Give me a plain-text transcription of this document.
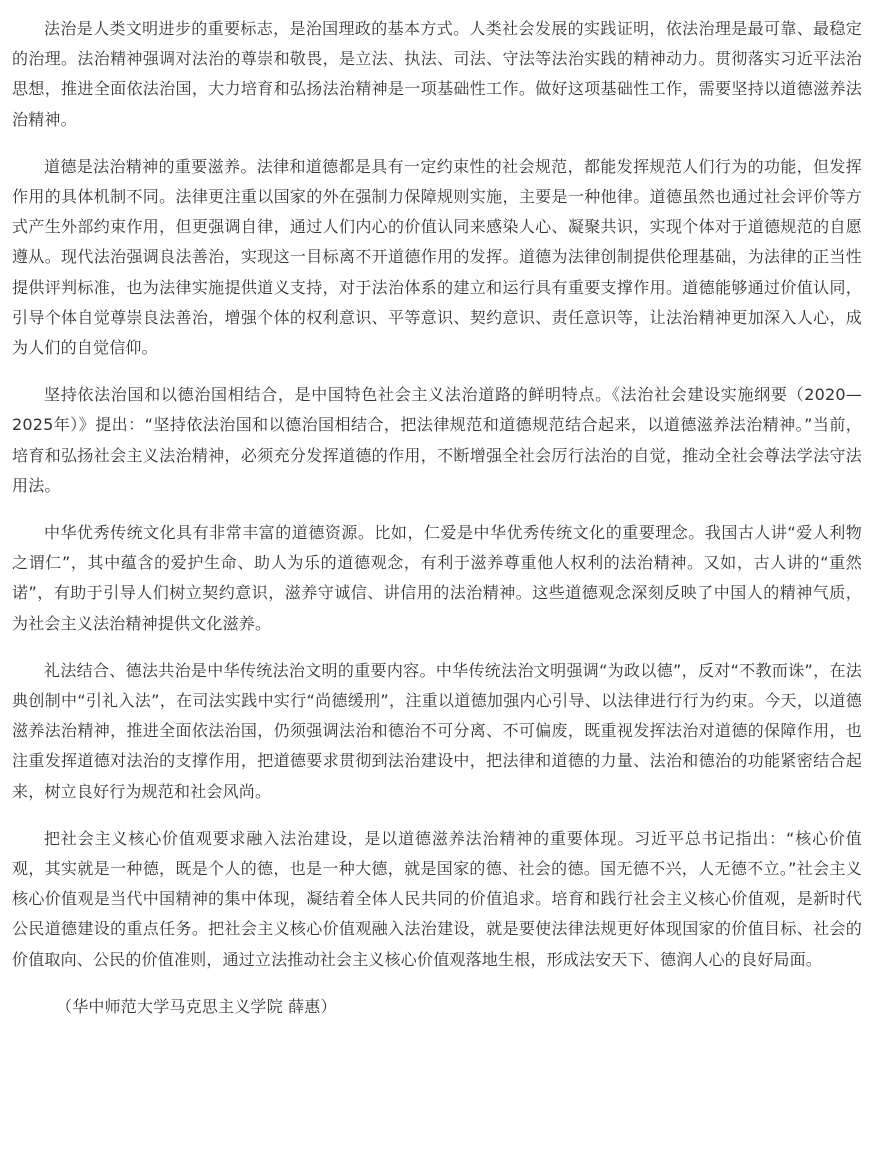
法治是人类文明进步的重要标志，是治国理政的基本方式。人类社会发展的实践证明，依法治理是最可靠、最稳定的治理。法治精神强调对法治的尊崇和敬畏，是立法、执法、司法、守法等法治实践的精神动力。贯彻落实习近平法治思想，推进全面依法治国，大力培育和弘扬法治精神是一项基础性工作。做好这项基础性工作，需要坚持以道德滋养法治精神。

道德是法治精神的重要滋养。法律和道德都是具有一定约束性的社会规范，都能发挥规范人们行为的功能，但发挥作用的具体机制不同。法律更注重以国家的外在强制力保障规则实施，主要是一种他律。道德虽然也通过社会评价等方式产生外部约束作用，但更强调自律，通过人们内心的价值认同来感染人心、凝聚共识，实现个体对于道德规范的自愿遵从。现代法治强调良法善治，实现这一目标离不开道德作用的发挥。道德为法律创制提供伦理基础，为法律的正当性提供评判标准，也为法律实施提供道义支持，对于法治体系的建立和运行具有重要支撑作用。道德能够通过价值认同，引导个体自觉尊崇良法善治，增强个体的权利意识、平等意识、契约意识、责任意识等，让法治精神更加深入人心，成为人们的自觉信仰。

坚持依法治国和以德治国相结合，是中国特色社会主义法治道路的鲜明特点。《法治社会建设实施纲要（2020—2025年）》提出：“坚持依法治国和以德治国相结合，把法律规范和道德规范结合起来，以道德滋养法治精神。”当前，培育和弘扬社会主义法治精神，必须充分发挥道德的作用，不断增强全社会厉行法治的自觉，推动全社会尊法学法守法用法。

中华优秀传统文化具有非常丰富的道德资源。比如，仁爱是中华优秀传统文化的重要理念。我国古人讲“爱人利物之谓仁”，其中蕴含的爱护生命、助人为乐的道德观念，有利于滋养尊重他人权利的法治精神。又如，古人讲的“重然诺”，有助于引导人们树立契约意识，滋养守诚信、讲信用的法治精神。这些道德观念深刻反映了中国人的精神气质，为社会主义法治精神提供文化滋养。

礼法结合、德法共治是中华传统法治文明的重要内容。中华传统法治文明强调“为政以德”，反对“不教而诛”，在法典创制中“引礼入法”，在司法实践中实行“尚德缓刑”，注重以道德加强内心引导、以法律进行行为约束。今天，以道德滋养法治精神，推进全面依法治国，仍须强调法治和德治不可分离、不可偏废，既重视发挥法治对道德的保障作用，也注重发挥道德对法治的支撑作用，把道德要求贯彻到法治建设中，把法律和道德的力量、法治和德治的功能紧密结合起来，树立良好行为规范和社会风尚。

把社会主义核心价值观要求融入法治建设，是以道德滋养法治精神的重要体现。习近平总书记指出：“核心价值观，其实就是一种德，既是个人的德，也是一种大德，就是国家的德、社会的德。国无德不兴，人无德不立。”社会主义核心价值观是当代中国精神的集中体现，凝结着全体人民共同的价值追求。培育和践行社会主义核心价值观，是新时代公民道德建设的重点任务。把社会主义核心价值观融入法治建设，就是要使法律法规更好体现国家的价值目标、社会的价值取向、公民的价值准则，通过立法推动社会主义核心价值观落地生根，形成法安天下、德润人心的良好局面。

（华中师范大学马克思主义学院 薛惠）
